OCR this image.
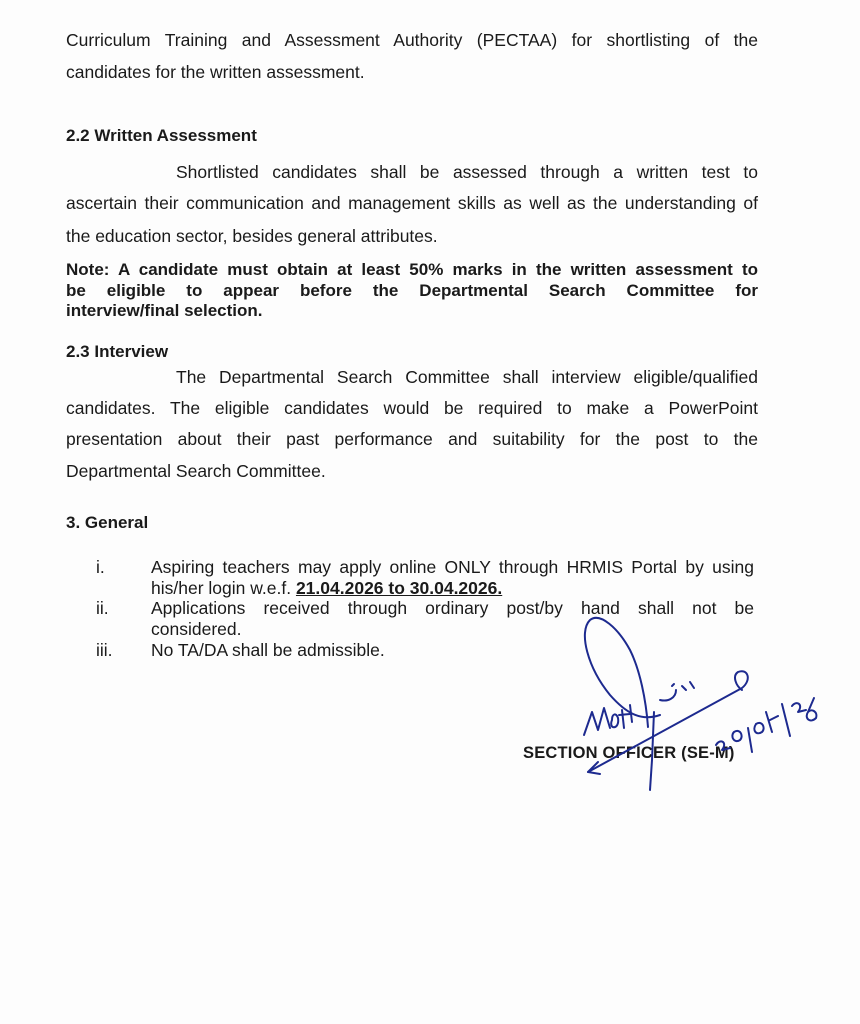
Curriculum Training and Assessment Authority (PECTAA) for shortlisting of the
candidates for the written assessment.
2.2 Written Assessment
Shortlisted candidates shall be assessed through a written test to
ascertain their communication and management skills as well as the understanding of
the education sector, besides general attributes.
Note: A candidate must obtain at least 50% marks in the written assessment to
be eligible to appear before the Departmental Search Committee for
interview/final selection.
2.3 Interview
The Departmental Search Committee shall interview eligible/qualified
candidates. The eligible candidates would be required to make a PowerPoint
presentation about their past performance and suitability for the post to the
Departmental Search Committee.
3. General
i.	Aspiring teachers may apply online ONLY through HRMIS Portal by using
his/her login w.e.f. 21.04.2026 to 30.04.2026.
ii. Applications received through ordinary post/by hand shall not be
considered.
iii. No TA/DA shall be admissible.
SECTION OFFICER (SE-M)
